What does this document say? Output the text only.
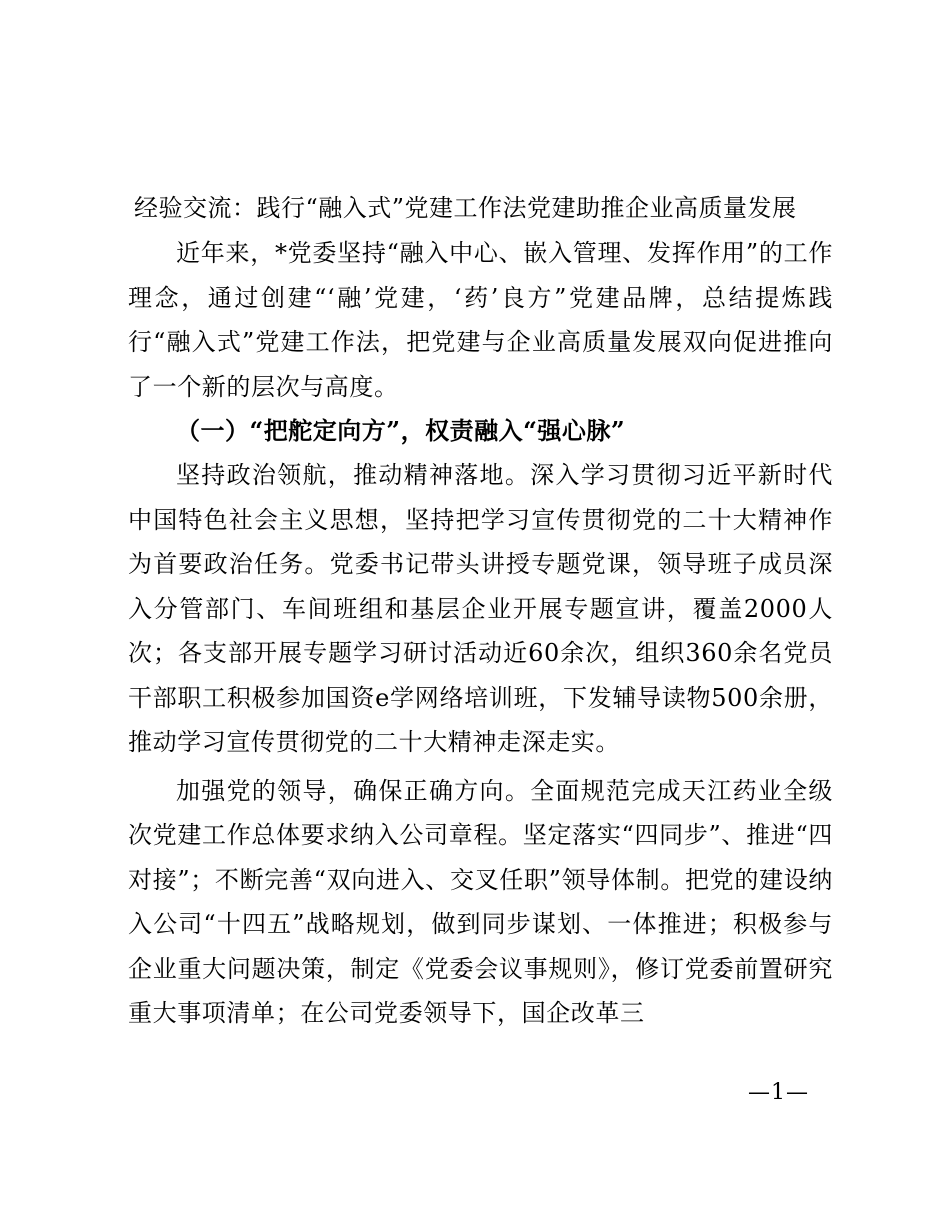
经验交流：践行“融入式”党建工作法党建助推企业高质量发展

近年来，*党委坚持“融入中心、嵌入管理、发挥作用”的工作理念，通过创建“‘融’党建，‘药’良方”党建品牌，总结提炼践行“融入式”党建工作法，把党建与企业高质量发展双向促进推向了一个新的层次与高度。

（一）“把舵定向方”，权责融入“强心脉”

坚持政治领航，推动精神落地。深入学习贯彻习近平新时代中国特色社会主义思想，坚持把学习宣传贯彻党的二十大精神作为首要政治任务。党委书记带头讲授专题党课，领导班子成员深入分管部门、车间班组和基层企业开展专题宣讲，覆盖2000人次；各支部开展专题学习研讨活动近60余次，组织360余名党员干部职工积极参加国资e学网络培训班，下发辅导读物500余册，推动学习宣传贯彻党的二十大精神走深走实。

加强党的领导，确保正确方向。全面规范完成天江药业全级次党建工作总体要求纳入公司章程。坚定落实“四同步”、推进“四对接”；不断完善“双向进入、交叉任职”领导体制。把党的建设纳入公司“十四五”战略规划，做到同步谋划、一体推进；积极参与企业重大问题决策，制定《党委会议事规则》，修订党委前置研究重大事项清单；在公司党委领导下，国企改革三

—1—
